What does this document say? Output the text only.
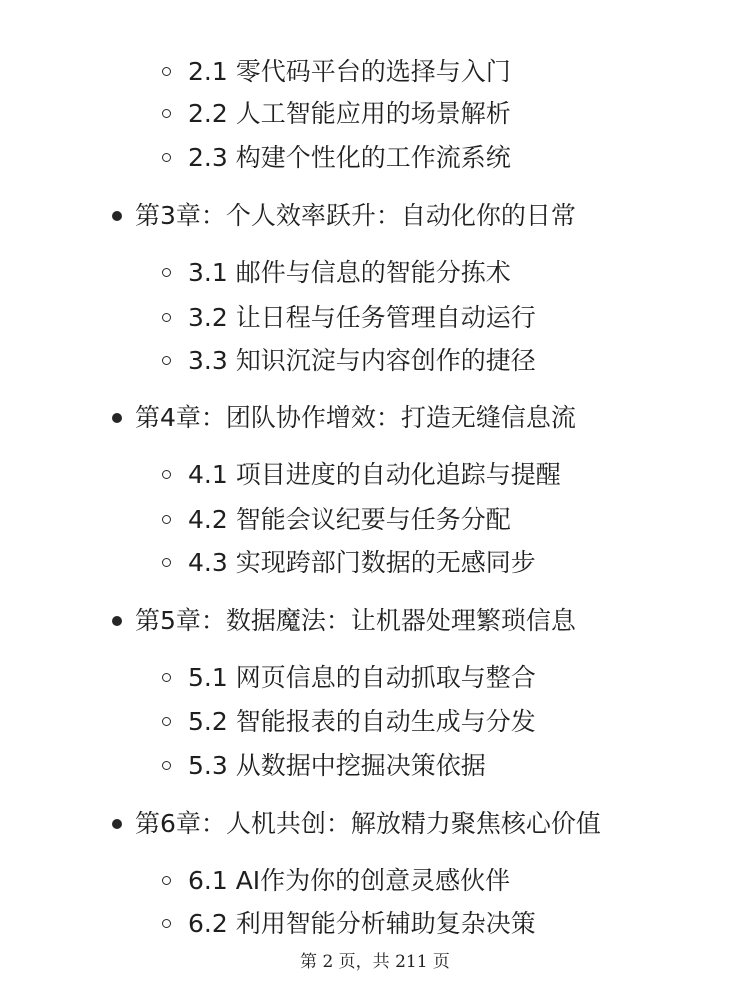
2.1 零代码平台的选择与入门
2.2 人工智能应用的场景解析
2.3 构建个性化的工作流系统
第3章：个人效率跃升：自动化你的日常
3.1 邮件与信息的智能分拣术
3.2 让日程与任务管理自动运行
3.3 知识沉淀与内容创作的捷径
第4章：团队协作增效：打造无缝信息流
4.1 项目进度的自动化追踪与提醒
4.2 智能会议纪要与任务分配
4.3 实现跨部门数据的无感同步
第5章：数据魔法：让机器处理繁琐信息
5.1 网页信息的自动抓取与整合
5.2 智能报表的自动生成与分发
5.3 从数据中挖掘决策依据
第6章：人机共创：解放精力聚焦核心价值
6.1 AI作为你的创意灵感伙伴
6.2 利用智能分析辅助复杂决策
第 2 页，共 211 页
